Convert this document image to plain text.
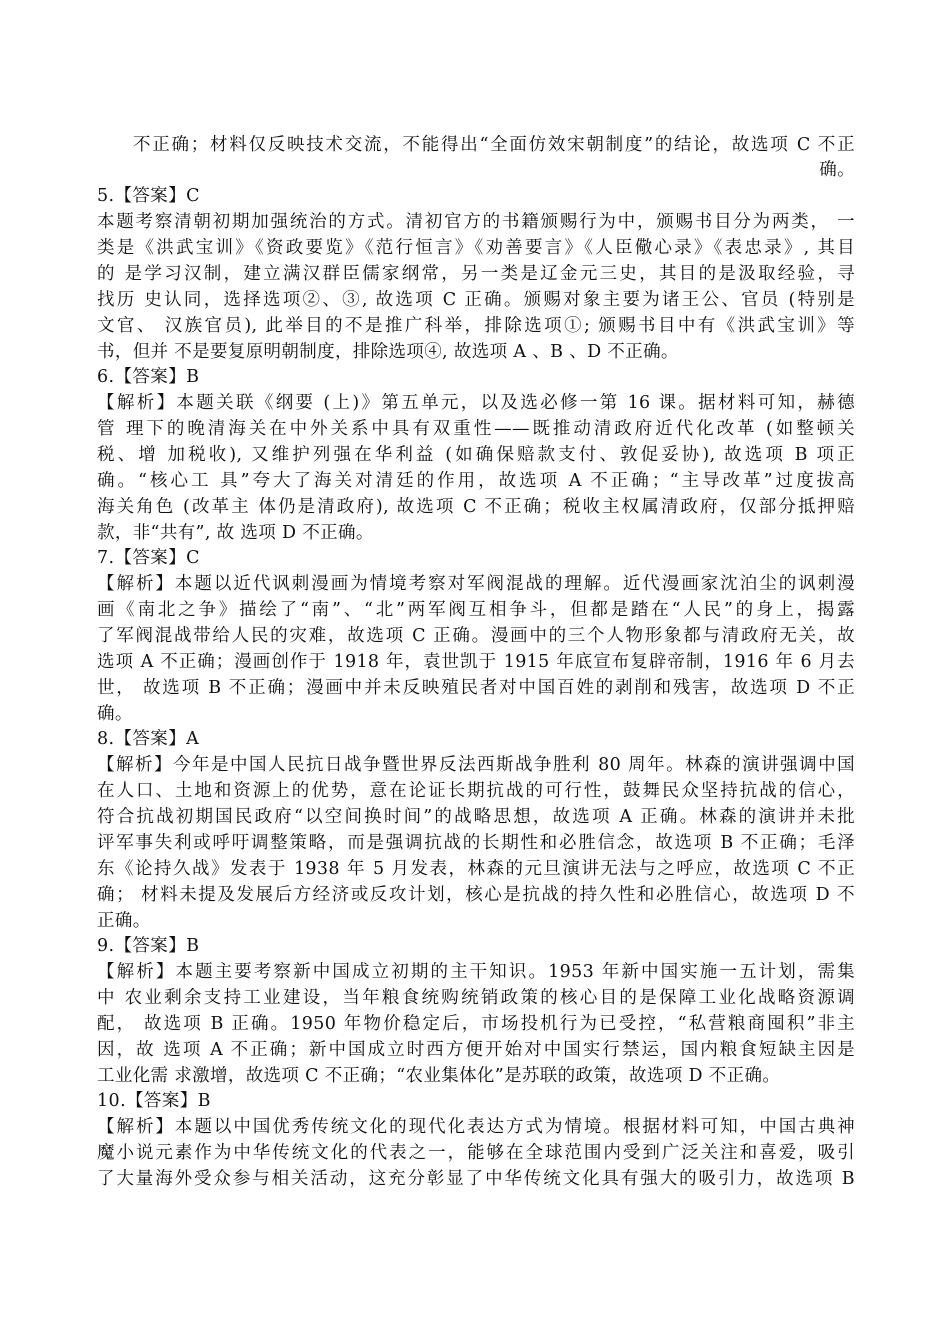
不正确；材料仅反映技术交流，不能得出“全面仿效宋朝制度”的结论，故选项 C 不正
确。
5.【答案】C
本题考察清朝初期加强统治的方式。清初官方的书籍颁赐行为中，颁赐书目分为两类， 一
类是《洪武宝训》《资政要览》《范行恒言》《劝善要言》《人臣儆心录》《表忠录》, 其目
的 是学习汉制，建立满汉群臣儒家纲常，另一类是辽金元三史，其目的是汲取经验，寻
找历 史认同，选择选项②、③, 故选项 C 正确。颁赐对象主要为诸王公、官员 (特别是
文官、 汉族官员), 此举目的不是推广科举，排除选项①; 颁赐书目中有《洪武宝训》等
书，但并 不是要复原明朝制度，排除选项④, 故选项 A 、B 、D 不正确。
6.【答案】B
【解析】本题关联《纲要 (上)》第五单元，以及选必修一第 16 课。据材料可知，赫德
管 理下的晚清海关在中外关系中具有双重性——既推动清政府近代化改革 (如整顿关
税、增 加税收), 又维护列强在华利益 (如确保赔款支付、敦促妥协), 故选项 B 项正
确。“核心工 具”夸大了海关对清廷的作用，故选项 A 不正确；“主导改革”过度拔高
海关角色 (改革主 体仍是清政府), 故选项 C 不正确；税收主权属清政府，仅部分抵押赔
款，非“共有”, 故 选项 D 不正确。
7.【答案】C
【解析】本题以近代讽刺漫画为情境考察对军阀混战的理解。近代漫画家沈泊尘的讽刺漫
画《南北之争》描绘了“南”、“北”两军阀互相争斗，但都是踏在“人民”的身上，揭露
了军阀混战带给人民的灾难，故选项 C 正确。漫画中的三个人物形象都与清政府无关，故
选项 A 不正确；漫画创作于 1918 年，袁世凯于 1915 年底宣布复辟帝制，1916 年 6 月去
世， 故选项 B 不正确；漫画中并未反映殖民者对中国百姓的剥削和残害，故选项 D 不正
确。
8.【答案】A
【解析】今年是中国人民抗日战争暨世界反法西斯战争胜利 80 周年。林森的演讲强调中国
在人口、土地和资源上的优势，意在论证长期抗战的可行性，鼓舞民众坚持抗战的信心，
符合抗战初期国民政府“以空间换时间”的战略思想，故选项 A 正确。林森的演讲并未批
评军事失利或呼吁调整策略，而是强调抗战的长期性和必胜信念，故选项 B 不正确；毛泽
东《论持久战》发表于 1938 年 5 月发表，林森的元旦演讲无法与之呼应，故选项 C 不正
确； 材料未提及发展后方经济或反攻计划，核心是抗战的持久性和必胜信心，故选项 D 不
正确。
9.【答案】B
【解析】本题主要考察新中国成立初期的主干知识。1953 年新中国实施一五计划，需集
中 农业剩余支持工业建设，当年粮食统购统销政策的核心目的是保障工业化战略资源调
配， 故选项 B 正确。1950 年物价稳定后，市场投机行为已受控，“私营粮商囤积”非主
因，故 选项 A 不正确；新中国成立时西方便开始对中国实行禁运，国内粮食短缺主因是
工业化需 求激增，故选项 C 不正确；“农业集体化”是苏联的政策，故选项 D 不正确。
10.【答案】B
【解析】本题以中国优秀传统文化的现代化表达方式为情境。根据材料可知，中国古典神
魔小说元素作为中华传统文化的代表之一，能够在全球范围内受到广泛关注和喜爱，吸引
了大量海外受众参与相关活动，这充分彰显了中华传统文化具有强大的吸引力，故选项 B
